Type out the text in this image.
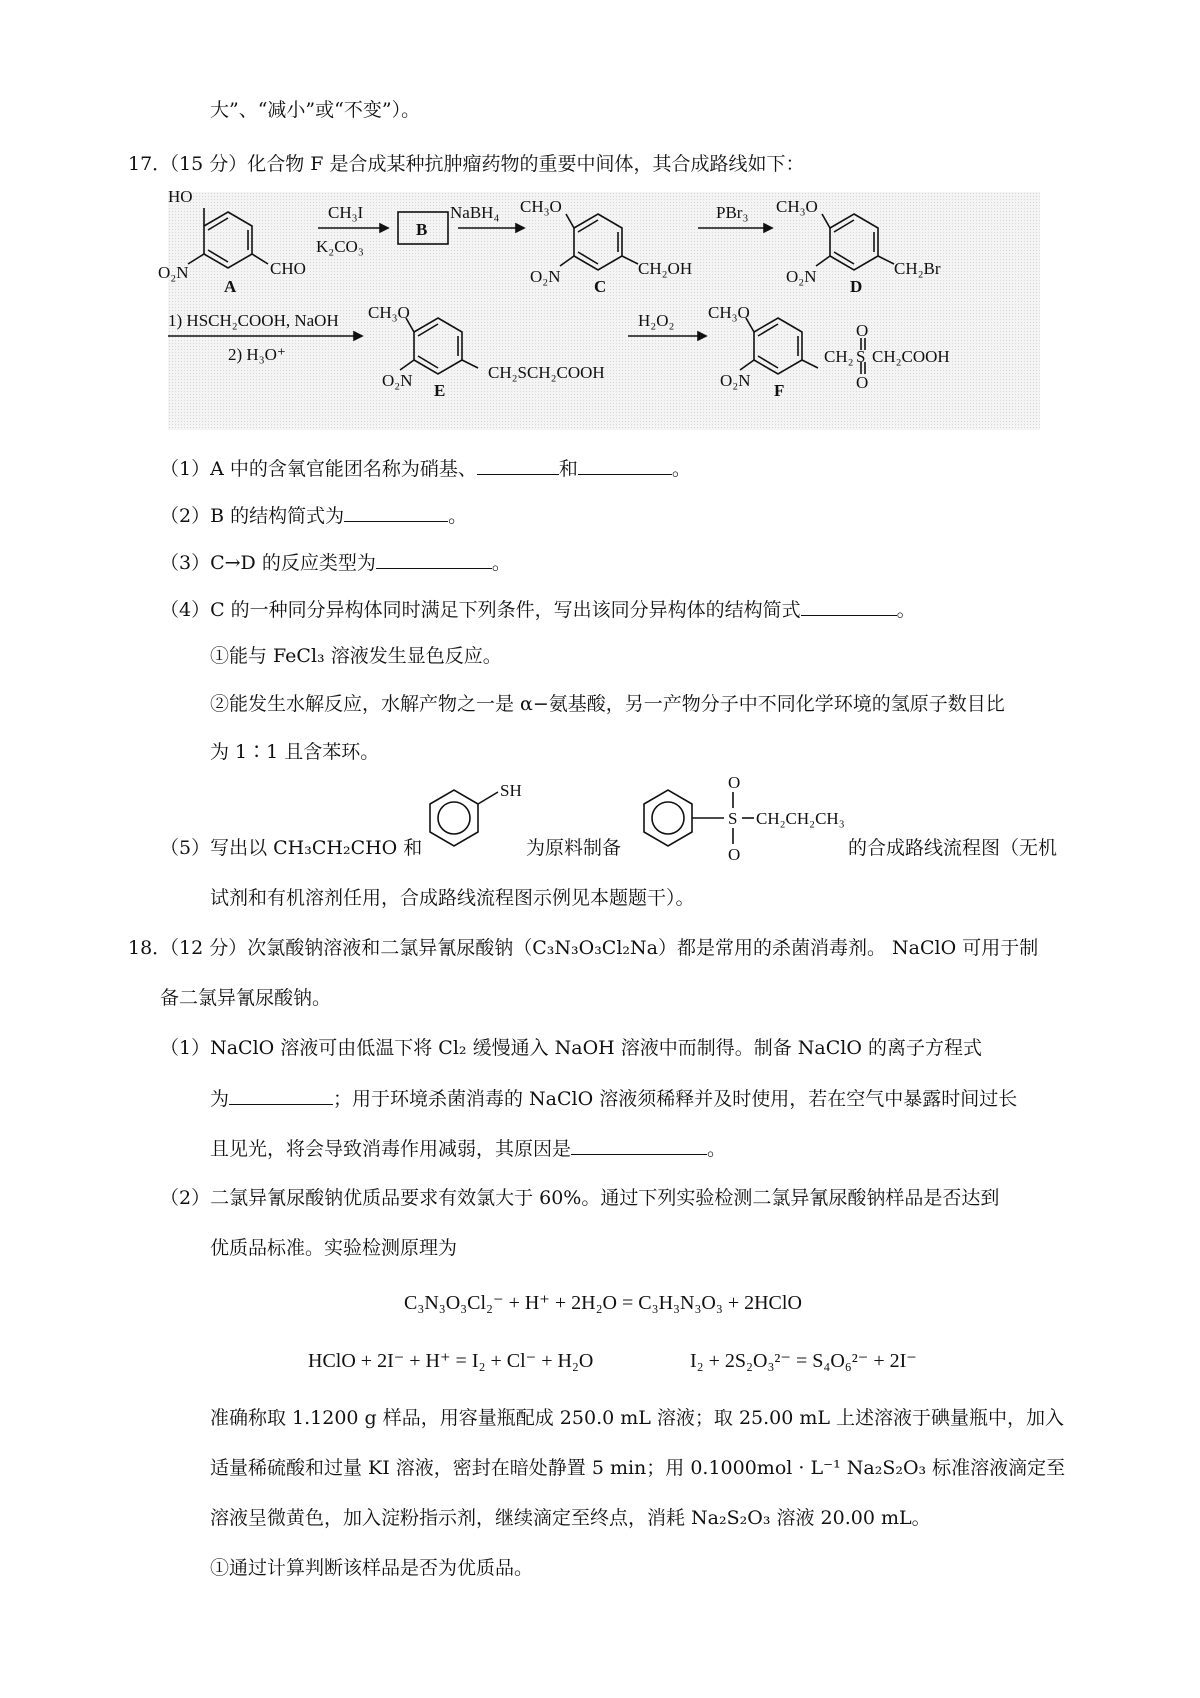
大”、“减小”或“不变”）。
17．
（15 分）化合物 F 是合成某种抗肿瘤药物的重要中间体，其合成路线如下：
HO
O₂N	CHO
A
CH₃I
K₂CO₃
B
NaBH₄ CH₃O
O₂N	CH₂OH
C
PBr₃ CH₃O
O₂N	CH₂Br
D
1) HSCH₂COOH, NaOH
2) H₃O⁺
CH₃O
O₂N	CH₂SCH₂COOH
E
H₂O₂ CH₃O
O₂N
CH₂ S
O
O
CH₂COOH
F
（1）A 中的含氧官能团名称为硝基、	和	。
（2）B 的结构简式为	。
（3）C→D 的反应类型为	。
（4）C 的一种同分异构体同时满足下列条件，写出该同分异构体的结构简式	。
①能与 FeCl₃ 溶液发生显色反应。
②能发生水解反应，水解产物之一是 α−氨基酸，另一产物分子中不同化学环境的氢原子数目比
为 1∶1 且含苯环。
SH	O
S
O
CH₂CH₂CH₃
（5）写出以 CH₃CH₂CHO 和	为原料制备	的合成路线流程图（无机
试剂和有机溶剂任用，合成路线流程图示例见本题题干）。
18．
（12 分）次氯酸钠溶液和二氯异氰尿酸钠（C₃N₃O₃Cl₂Na）都是常用的杀菌消毒剂。 NaClO 可用于制
备二氯异氰尿酸钠。
（1）NaClO 溶液可由低温下将 Cl₂ 缓慢通入 NaOH 溶液中而制得。制备 NaClO 的离子方程式
为	；用于环境杀菌消毒的 NaClO 溶液须稀释并及时使用，若在空气中暴露时间过长
且见光，将会导致消毒作用减弱，其原因是	。
（2）二氯异氰尿酸钠优质品要求有效氯大于 60%。通过下列实验检测二氯异氰尿酸钠样品是否达到
优质品标准。实验检测原理为
C₃N₃O₃Cl₂⁻ + H⁺ + 2H₂O = C₃H₃N₃O₃ + 2HClO
HClO + 2I⁻ + H⁺ = I₂ + Cl⁻ + H₂O	I₂ + 2S₂O₃²⁻ = S₄O₆²⁻ + 2I⁻
准确称取 1.1200 g 样品，用容量瓶配成 250.0 mL 溶液；取 25.00 mL 上述溶液于碘量瓶中，加入
适量稀硫酸和过量 KI 溶液，密封在暗处静置 5 min；用 0.1000mol · L⁻¹ Na₂S₂O₃ 标准溶液滴定至
溶液呈微黄色，加入淀粉指示剂，继续滴定至终点，消耗 Na₂S₂O₃ 溶液 20.00 mL。
①通过计算判断该样品是否为优质品。
